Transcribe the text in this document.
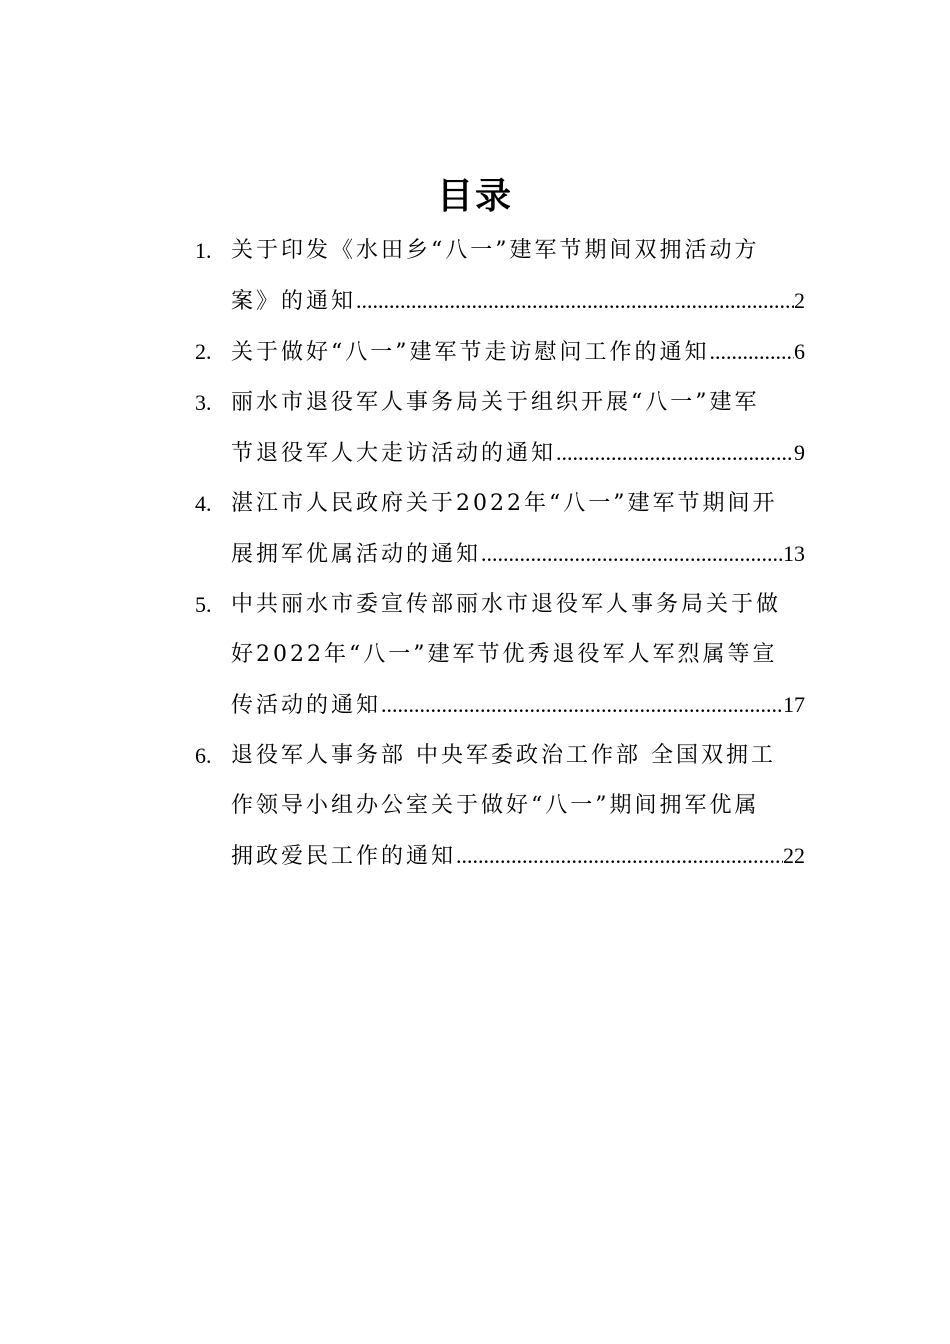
目录
1. 关于印发《水田乡“八一”建军节期间双拥活动方
案》的通知 .....	2
2. 关于做好“八一”建军节走访慰问工作的通知 .....	6
3. 丽水市退役军人事务局关于组织开展“八一”建军
节退役军人大走访活动的通知 .....	9
4. 湛江市人民政府关于2022年“八一”建军节期间开
展拥军优属活动的通知 .....	13
5. 中共丽水市委宣传部丽水市退役军人事务局关于做
好2022年“八一”建军节优秀退役军人军烈属等宣
传活动的通知 .....	17
6. 退役军人事务部 中央军委政治工作部 全国双拥工
作领导小组办公室关于做好“八一”期间拥军优属
拥政爱民工作的通知 .....	22
